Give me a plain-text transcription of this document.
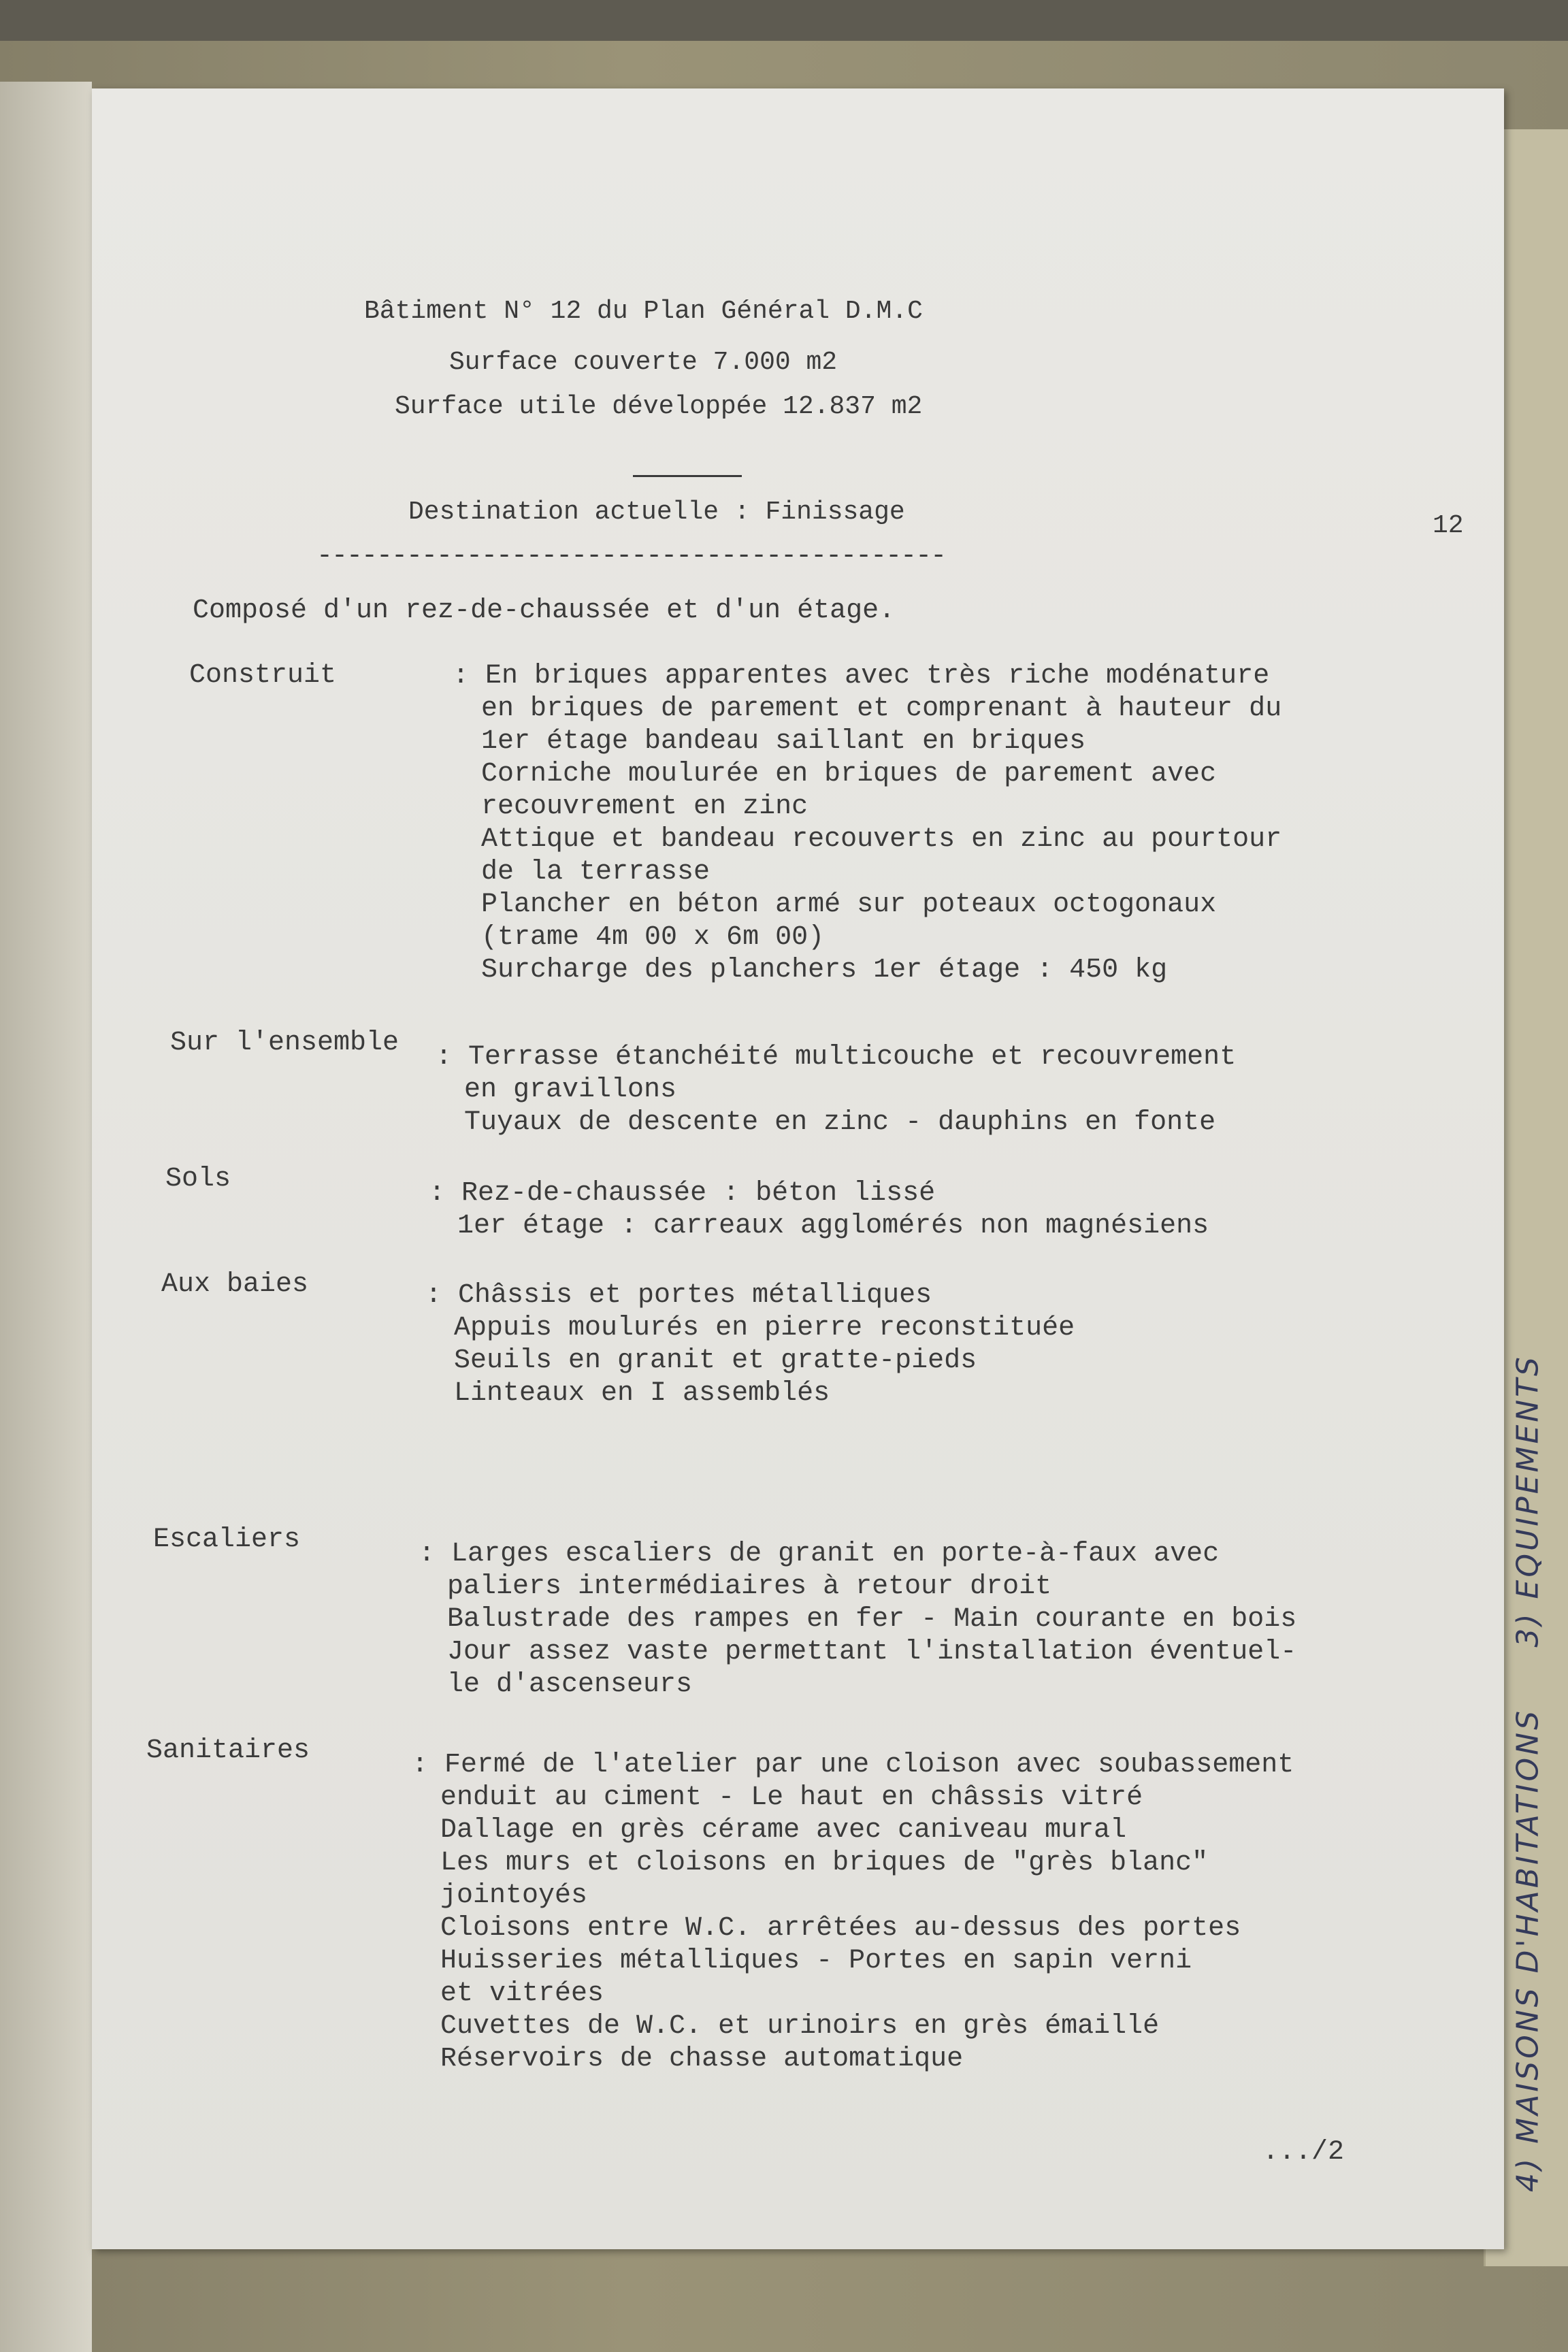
3) EQUIPEMENTS
4) MAISONS D'HABITATIONS
Bâtiment N° 12 du Plan Général D.M.C
Surface couverte 7.000 m2
Surface utile développée 12.837 m2
Destination actuelle : Finissage	12
------------------------------------------
Composé d'un rez-de-chaussée et d'un étage.
Construit	: En briques apparentes avec très riche modénature
en briques de parement et comprenant à hauteur du
1er étage bandeau saillant en briques
Corniche moulurée en briques de parement avec
recouvrement en zinc
Attique et bandeau recouverts en zinc au pourtour
de la terrasse
Plancher en béton armé sur poteaux octogonaux
(trame 4m 00 x 6m 00)
Surcharge des planchers 1er étage : 450 kg
Sur l'ensemble : Terrasse étanchéité multicouche et recouvrement
en gravillons
Tuyaux de descente en zinc - dauphins en fonte
Sols	: Rez-de-chaussée : béton lissé
1er étage : carreaux agglomérés non magnésiens
Aux baies	: Châssis et portes métalliques
Appuis moulurés en pierre reconstituée
Seuils en granit et gratte-pieds
Linteaux en I assemblés
Escaliers	: Larges escaliers de granit en porte-à-faux avec
paliers intermédiaires à retour droit
Balustrade des rampes en fer - Main courante en bois
Jour assez vaste permettant l'installation éventuel-
le d'ascenseurs
Sanitaires	: Fermé de l'atelier par une cloison avec soubassement
enduit au ciment - Le haut en châssis vitré
Dallage en grès cérame avec caniveau mural
Les murs et cloisons en briques de "grès blanc"
jointoyés
Cloisons entre W.C. arrêtées au-dessus des portes
Huisseries métalliques - Portes en sapin verni
et vitrées
Cuvettes de W.C. et urinoirs en grès émaillé
Réservoirs de chasse automatique
.../2
